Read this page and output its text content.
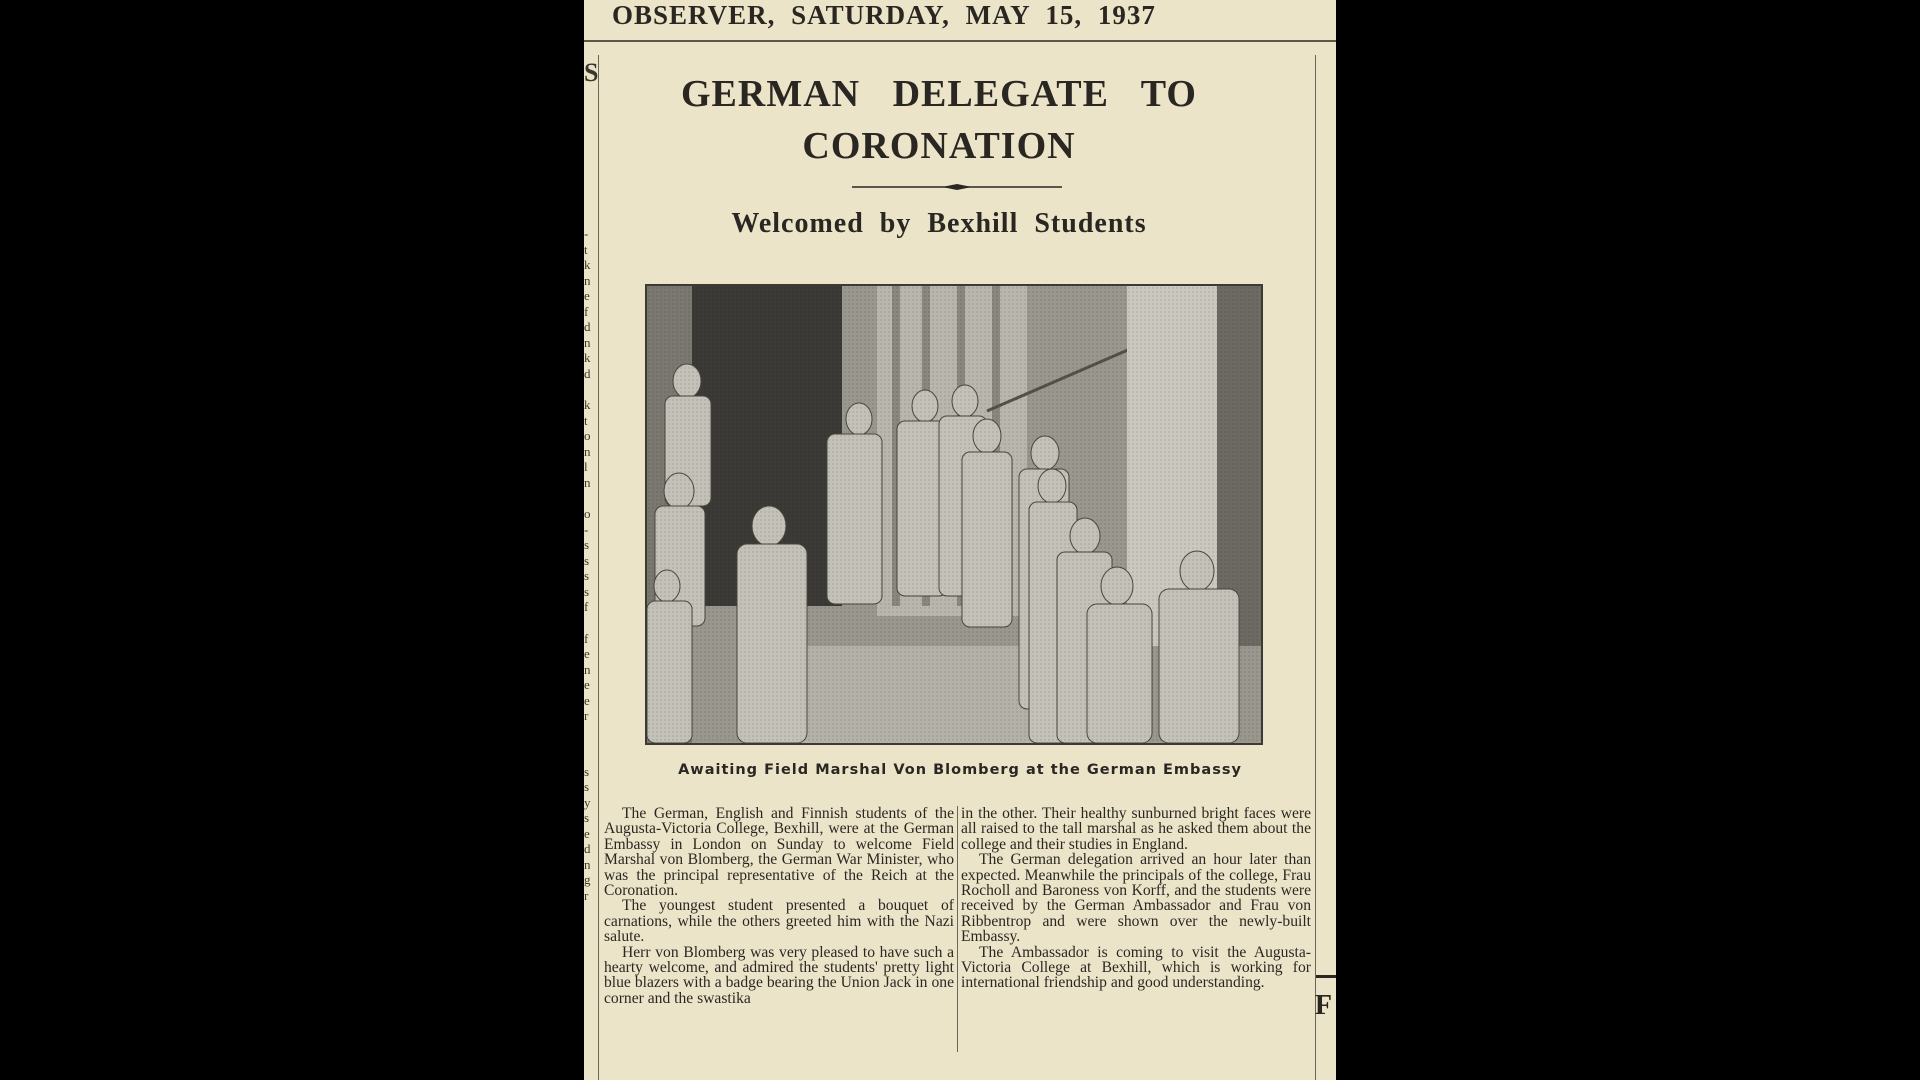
OBSERVER, SATURDAY, MAY 15, 1937
S
-
t
k
n
e
f
d
n
k
d
k
t
o
n
l
n
o
-
s
s
s
s
f
f
e
n
e
e
r
s
s
y
s
e
d
n
g
r
F
GERMAN DELEGATE TO
CORONATION
Welcomed by Bexhill Students
Awaiting Field Marshal Von Blomberg at the German Embassy

The German, English and Finnish students of the Augusta-Victoria College, Bexhill, were at the German Embassy in London on Sunday to welcome Field Marshal von Blomberg, the German War Minister, who was the principal representative of the Reich at the Coronation.

The youngest student presented a bouquet of carnations, while the others greeted him with the Nazi salute.

Herr von Blomberg was very pleased to have such a hearty welcome, and admired the students' pretty light blue blazers with a badge bearing the Union Jack in one corner and the swastika

in the other. Their healthy sunburned bright faces were all raised to the tall marshal as he asked them about the college and their studies in England.

The German delegation arrived an hour later than expected. Meanwhile the principals of the college, Frau Rocholl and Baroness von Korff, and the students were received by the German Ambassador and Frau von Ribbentrop and were shown over the newly-built Embassy.

The Ambassador is coming to visit the Augusta-Victoria College at Bexhill, which is working for international friendship and good understanding.
